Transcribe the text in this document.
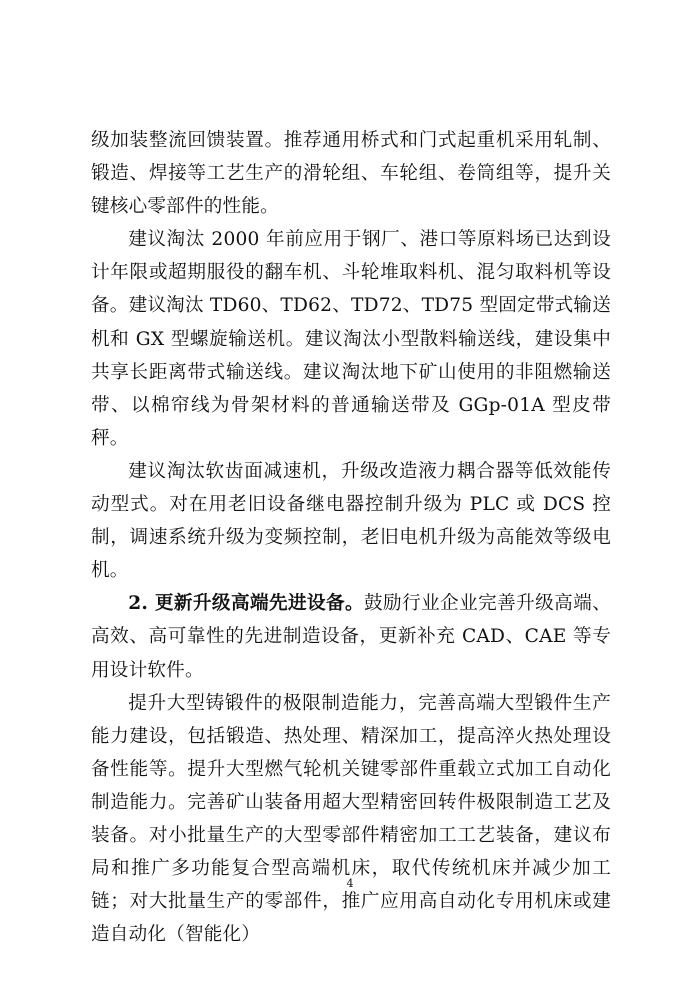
级加装整流回馈装置。推荐通用桥式和门式起重机采用轧制、锻造、焊接等工艺生产的滑轮组、车轮组、卷筒组等，提升关键核心零部件的性能。

建议淘汰 2000 年前应用于钢厂、港口等原料场已达到设计年限或超期服役的翻车机、斗轮堆取料机、混匀取料机等设备。建议淘汰 TD60、TD62、TD72、TD75 型固定带式输送机和 GX 型螺旋输送机。建议淘汰小型散料输送线，建设集中共享长距离带式输送线。建议淘汰地下矿山使用的非阻燃输送带、以棉帘线为骨架材料的普通输送带及 GGp-01A 型皮带秤。

建议淘汰软齿面减速机，升级改造液力耦合器等低效能传动型式。对在用老旧设备继电器控制升级为 PLC 或 DCS 控制，调速系统升级为变频控制，老旧电机升级为高能效等级电机。

2. 更新升级高端先进设备。鼓励行业企业完善升级高端、高效、高可靠性的先进制造设备，更新补充 CAD、CAE 等专用设计软件。

提升大型铸锻件的极限制造能力，完善高端大型锻件生产能力建设，包括锻造、热处理、精深加工，提高淬火热处理设备性能等。提升大型燃气轮机关键零部件重载立式加工自动化制造能力。完善矿山装备用超大型精密回转件极限制造工艺及装备。对小批量生产的大型零部件精密加工工艺装备，建议布局和推广多功能复合型高端机床，取代传统机床并减少加工链；对大批量生产的零部件，推广应用高自动化专用机床或建造自动化（智能化）

4
